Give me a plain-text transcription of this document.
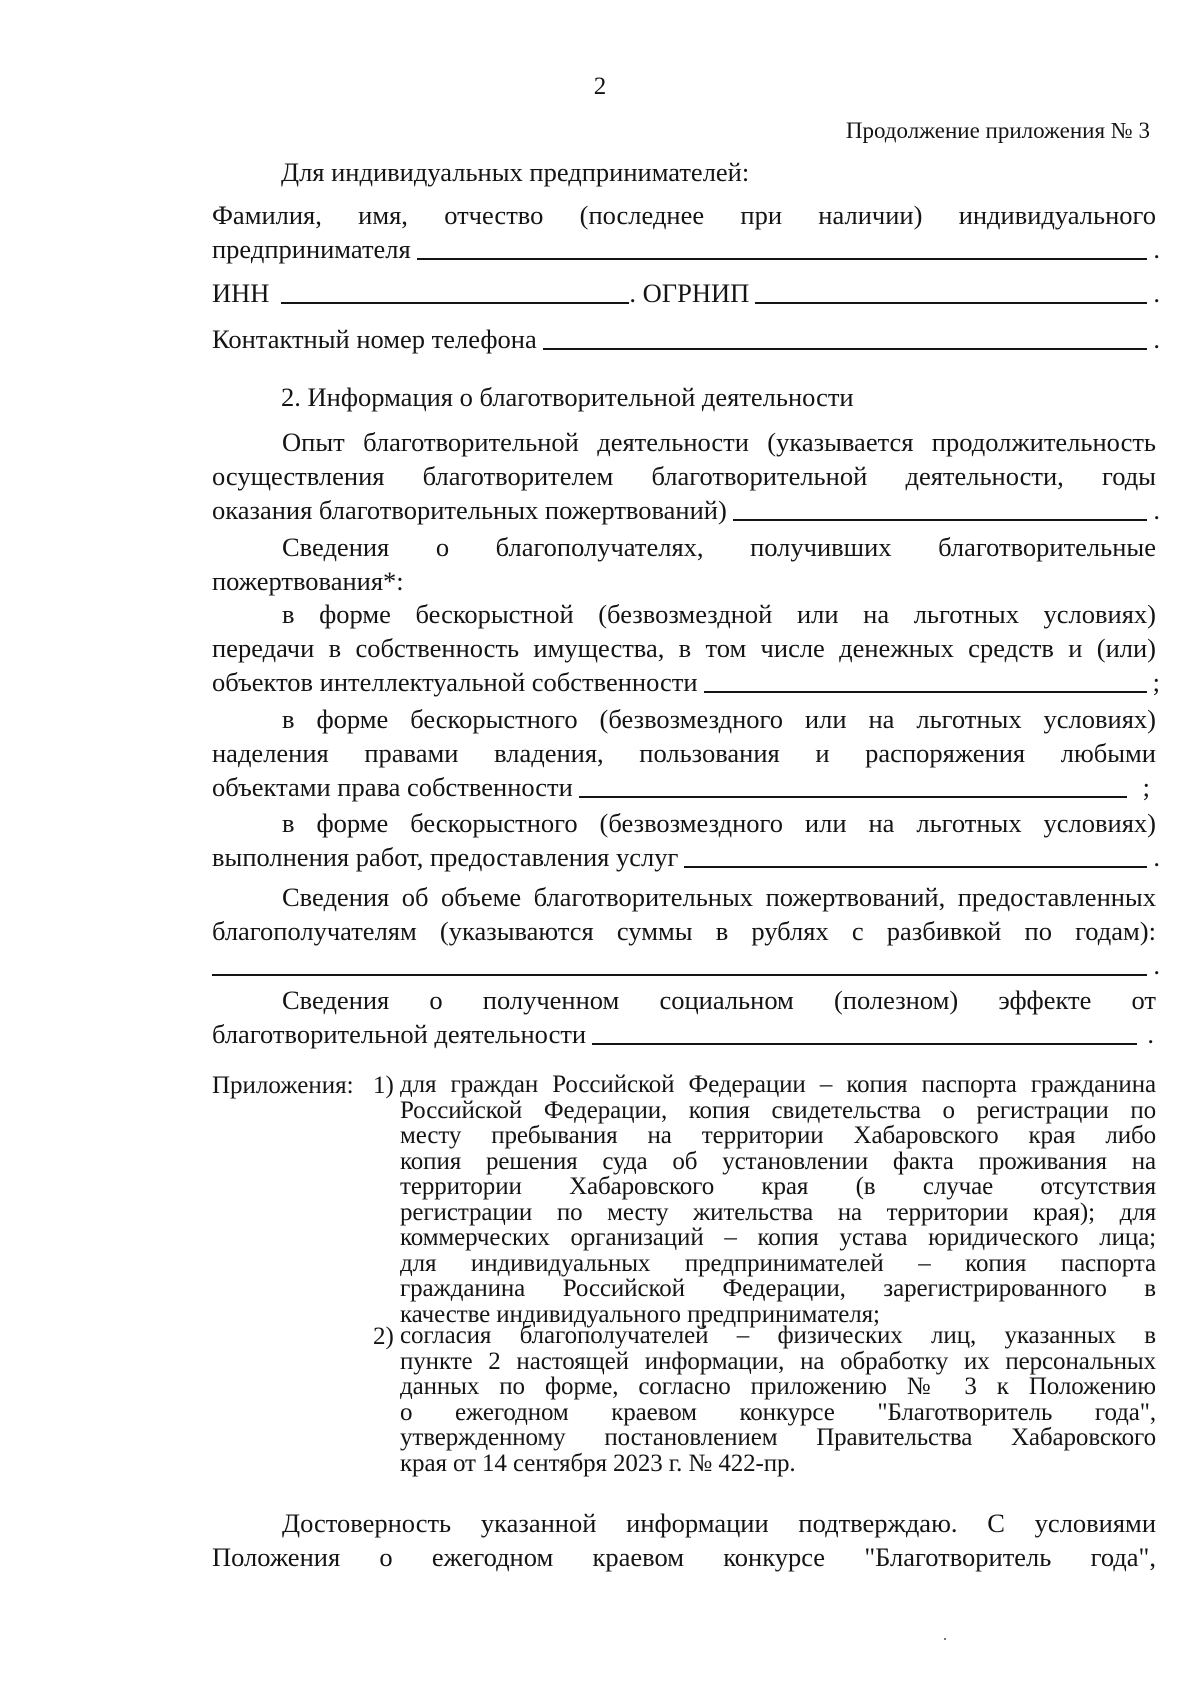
2
Продолжение приложения № 3
Для индивидуальных предпринимателей:
Фамилия, имя, отчество (последнее при наличии) индивидуального
предпринимателя	.
ИНН	. ОГРНИП	.
Контактный номер телефона	.
2. Информация о благотворительной деятельности
Опыт благотворительной деятельности (указывается продолжительность
осуществления благотворителем благотворительной деятельности, годы
оказания благотворительных пожертвований)	.
Сведения о благополучателях, получивших благотворительные
пожертвования*:
в форме бескорыстной (безвозмездной или на льготных условиях)
передачи в собственность имущества, в том числе денежных средств и (или)
объектов интеллектуальной собственности	;
в форме бескорыстного (безвозмездного или на льготных условиях)
наделения правами владения, пользования и распоряжения любыми
объектами права собственности	;
в форме бескорыстного (безвозмездного или на льготных условиях)
выполнения работ, предоставления услуг	.
Сведения об объеме благотворительных пожертвований, предоставленных
благополучателям (указываются суммы в рублях с разбивкой по годам):
.
Сведения о полученном социальном (полезном) эффекте от
благотворительной деятельности	.
Приложения: 1) для граждан Российской Федерации – копия паспорта гражданина
Российской Федерации, копия свидетельства о регистрации по
месту пребывания на территории Хабаровского края либо
копия решения суда об установлении факта проживания на
территории Хабаровского края (в случае отсутствия
регистрации по месту жительства на территории края); для
коммерческих организаций – копия устава юридического лица;
для индивидуальных предпринимателей – копия паспорта
гражданина Российской Федерации, зарегистрированного в
качестве индивидуального предпринимателя;
2) согласия благополучателей – физических лиц, указанных в
пункте 2 настоящей информации, на обработку их персональных
данных по форме, согласно приложению № 3 к Положению
о ежегодном краевом конкурсе "Благотворитель года",
утвержденному постановлением Правительства Хабаровского
края от 14 сентября 2023 г. № 422-пр.
Достоверность указанной информации подтверждаю. С условиями
Положения о ежегодном краевом конкурсе "Благотворитель года",
